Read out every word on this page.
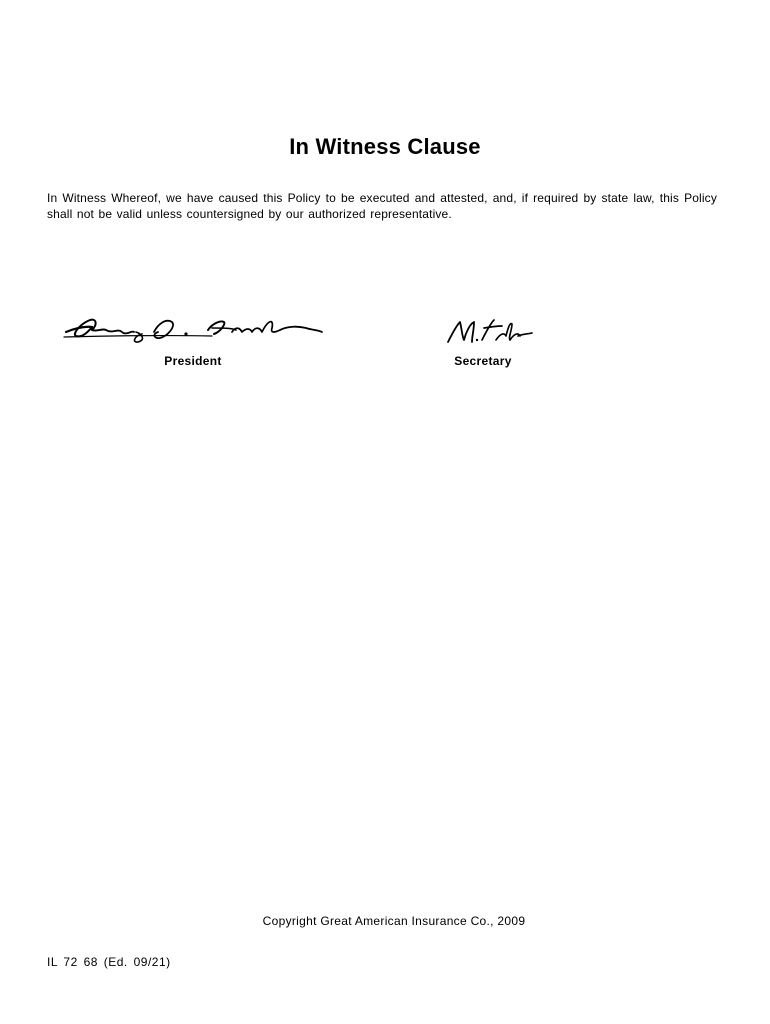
In Witness Clause
In Witness Whereof, we have caused this Policy to be executed and attested, and, if required by state law, this Policy shall not be valid unless countersigned by our authorized representative.
President	Secretary
Copyright Great American Insurance Co., 2009
IL 72 68 (Ed. 09/21)
